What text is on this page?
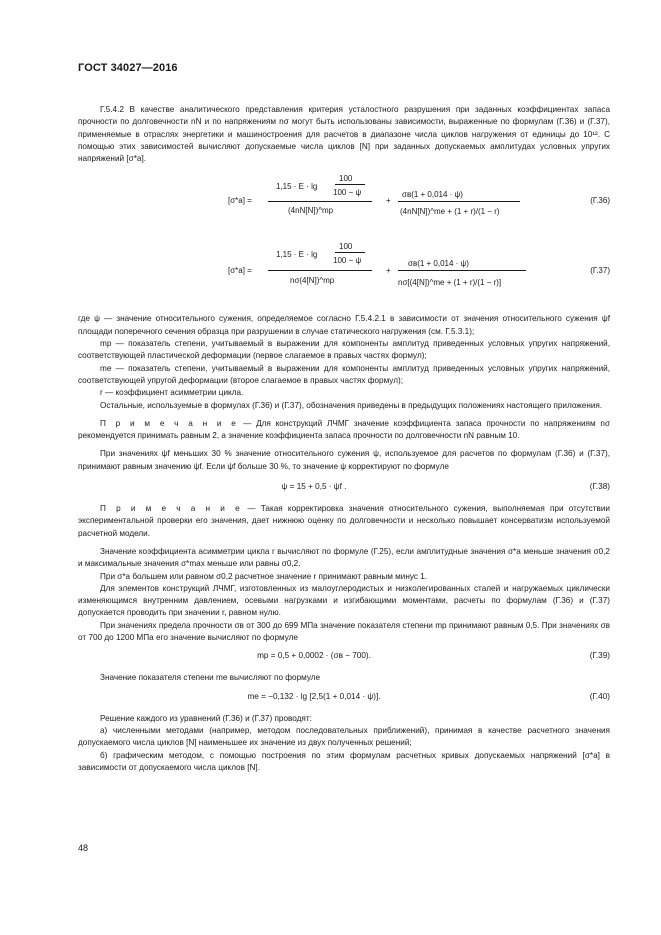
ГОСТ 34027—2016

Г.5.4.2 В качестве аналитического представления критерия усталостного разрушения при заданных коэффициентах запаса прочности по долговечности nN и по напряжениям nσ могут быть использованы зависимости, выраженные по формулам (Г.36) и (Г.37), применяемые в отраслях энергетики и машиностроения для расчетов в диапазоне числа циклов нагружения от единицы до 10¹². С помощью этих зависимостей вычисляют допускаемые числа циклов [N] при заданных допускаемых амплитудах условных упругих напряжений [σ*a].

[σ*a] =
1,15 · E · lg
100
100 − ψ
(4nN[N])^mp
+
σв(1 + 0,014 · ψ)
(4nN[N])^me + (1 + r)/(1 − r)
(Г.36)
[σ*a] =
1,15 · E · lg
100
100 − ψ
nσ(4[N])^mp
+
σв(1 + 0,014 · ψ)
nσ[(4[N])^me + (1 + r)/(1 − r)]
(Г.37)

где ψ — значение относительного сужения, определяемое согласно Г.5.4.2.1 в зависимости от значения относительного сужения ψf площади поперечного сечения образца при разрушении в случае статического нагружения (см. Г.5.3.1);

mp — показатель степени, учитываемый в выражении для компоненты амплитуд приведенных условных упругих напряжений, соответствующей пластической деформации (первое слагаемое в правых частях формул);

me — показатель степени, учитываемый в выражении для компоненты амплитуд приведенных условных упругих напряжений, соответствующей упругой деформации (второе слагаемое в правых частях формул);

r — коэффициент асимметрии цикла.

Остальные, используемые в формулах (Г.36) и (Г.37), обозначения приведены в предыдущих положениях настоящего приложения.

П р и м е ч а н и е — Для конструкций ЛЧМГ значение коэффициента запаса прочности по напряжениям nσ рекомендуется принимать равным 2, а значение коэффициента запаса прочности по долговечности nN равным 10.

При значениях ψf меньших 30 % значение относительного сужения ψ, используемое для расчетов по формулам (Г.36) и (Г.37), принимают равным значению ψf. Если ψf больше 30 %, то значение ψ корректируют по формуле

ψ = 15 + 0,5 · ψf .	(Г.38)

П р и м е ч а н и е — Такая корректировка значения относительного сужения, выполняемая при отсутствии экспериментальной проверки его значения, дает нижнюю оценку по долговечности и несколько повышает консерватизм используемой расчетной модели.

Значение коэффициента асимметрии цикла r вычисляют по формуле (Г.25), если амплитудные значения σ*a меньше значения σ0,2 и максимальные значения σ*max меньше или равны σ0,2.

При σ*a большем или равном σ0,2 расчетное значение r принимают равным минус 1.

Для элементов конструкций ЛЧМГ, изготовленных из малоуглеродистых и низколегированных сталей и нагружаемых циклически изменяющимся внутренним давлением, осевыми нагрузками и изгибающими моментами, расчеты по формулам (Г.36) и (Г.37) допускается проводить при значении r, равном нулю.

При значениях предела прочности σв от 300 до 699 МПа значение показателя степени mp принимают равным 0,5. При значениях σв от 700 до 1200 МПа его значение вычисляют по формуле

mp = 0,5 + 0,0002 · (σв − 700).	(Г.39)

Значение показателя степени me вычисляют по формуле

me = −0,132 · lg [2,5(1 + 0,014 · ψ)].	(Г.40)

Решение каждого из уравнений (Г.36) и (Г.37) проводят:

а) численными методами (например, методом последовательных приближений), принимая в качестве расчетного значения допускаемого числа циклов [N] наименьшее их значение из двух полученных решений;

б) графическим методом, с помощью построения по этим формулам расчетных кривых допускаемых напряжений [σ*a] в зависимости от допускаемого числа циклов [N].

48
